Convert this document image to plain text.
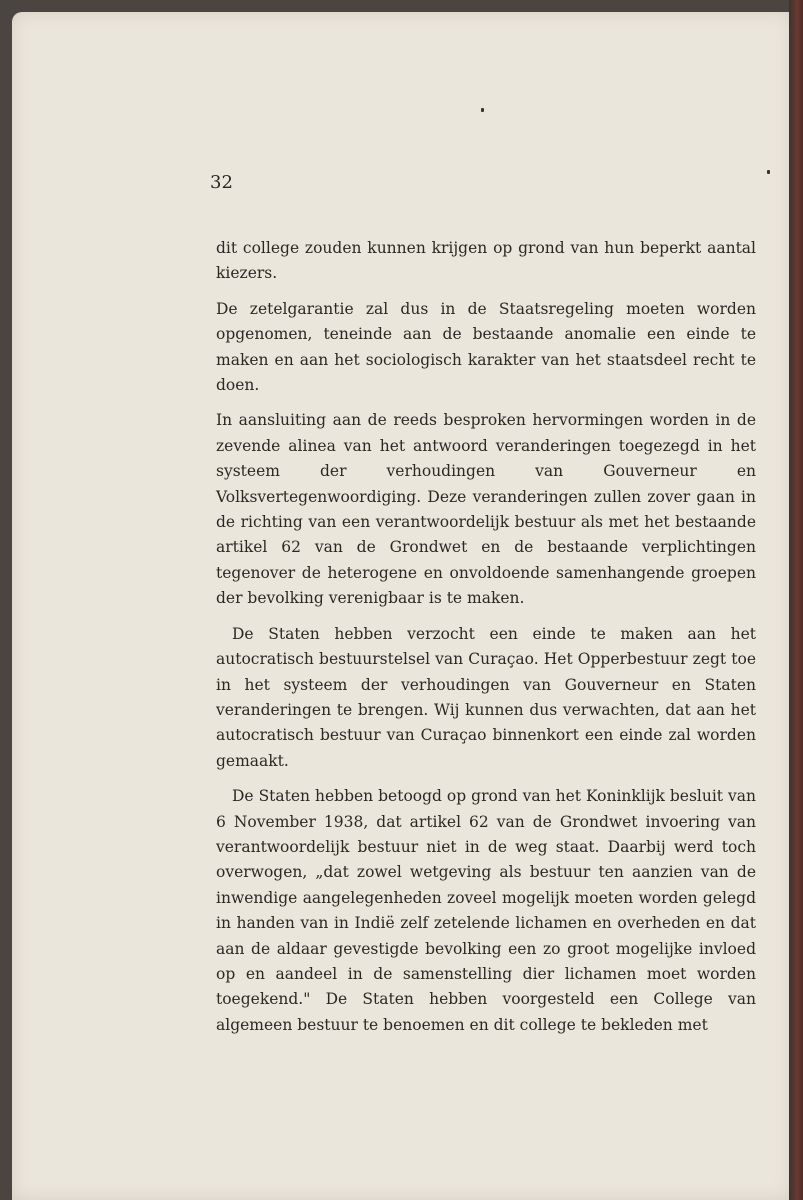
32

dit college zouden kunnen krijgen op grond van hun beperkt aantal kiezers.

De zetelgarantie zal dus in de Staatsregeling moeten worden opgenomen, teneinde aan de bestaande anomalie een einde te maken en aan het sociologisch karakter van het staatsdeel recht te doen.

In aansluiting aan de reeds besproken hervormingen worden in de zevende alinea van het antwoord veranderingen toegezegd in het systeem der verhoudingen van Gouverneur en Volksvertegenwoordiging. Deze veranderingen zullen zover gaan in de richting van een verantwoordelijk bestuur als met het bestaande artikel 62 van de Grondwet en de bestaande verplichtingen tegenover de heterogene en onvoldoende samenhangende groepen der bevolking verenigbaar is te maken.

De Staten hebben verzocht een einde te maken aan het autocratisch bestuurstelsel van Curaçao. Het Opperbestuur zegt toe in het systeem der verhoudingen van Gouverneur en Staten veranderingen te brengen. Wij kunnen dus verwachten, dat aan het autocratisch bestuur van Curaçao binnenkort een einde zal worden gemaakt.

De Staten hebben betoogd op grond van het Koninklijk besluit van 6 November 1938, dat artikel 62 van de Grondwet invoering van verantwoordelijk bestuur niet in de weg staat. Daarbij werd toch overwogen, „dat zowel wetgeving als bestuur ten aanzien van de inwendige aangelegenheden zoveel mogelijk moeten worden gelegd in handen van in Indië zelf zetelende lichamen en overheden en dat aan de aldaar gevestigde bevolking een zo groot mogelijke invloed op en aandeel in de samenstelling dier lichamen moet worden toegekend." De Staten hebben voorgesteld een College van algemeen bestuur te benoemen en dit college te bekleden met
